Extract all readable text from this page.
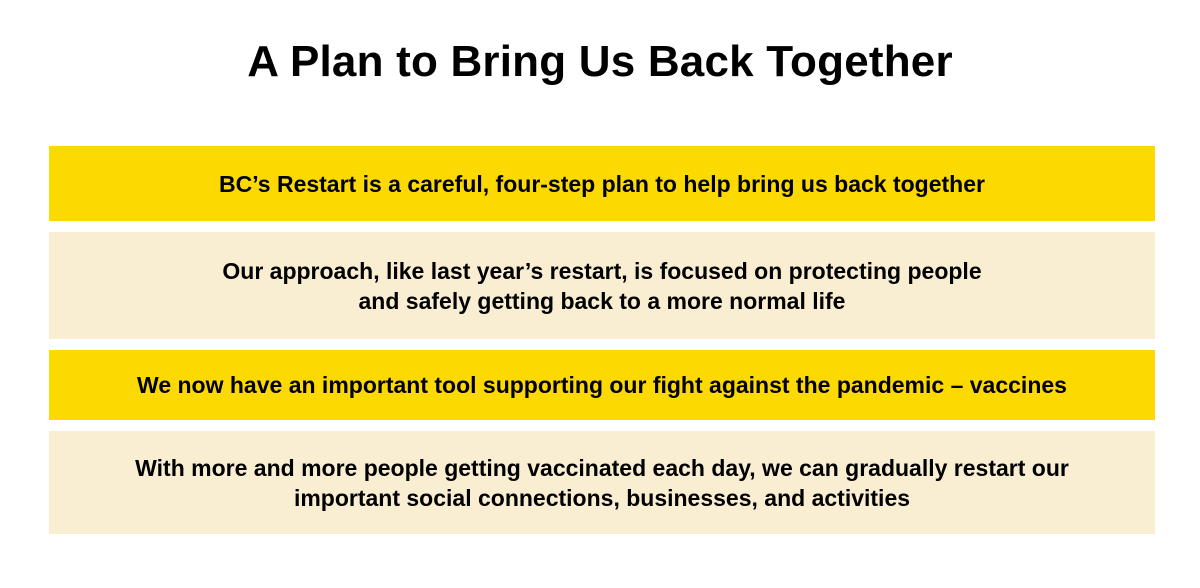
A Plan to Bring Us Back Together
BC’s Restart is a careful, four-step plan to help bring us back together
Our approach, like last year’s restart, is focused on protecting people
and safely getting back to a more normal life
We now have an important tool supporting our fight against the pandemic – vaccines
With more and more people getting vaccinated each day, we can gradually restart our
important social connections, businesses, and activities
